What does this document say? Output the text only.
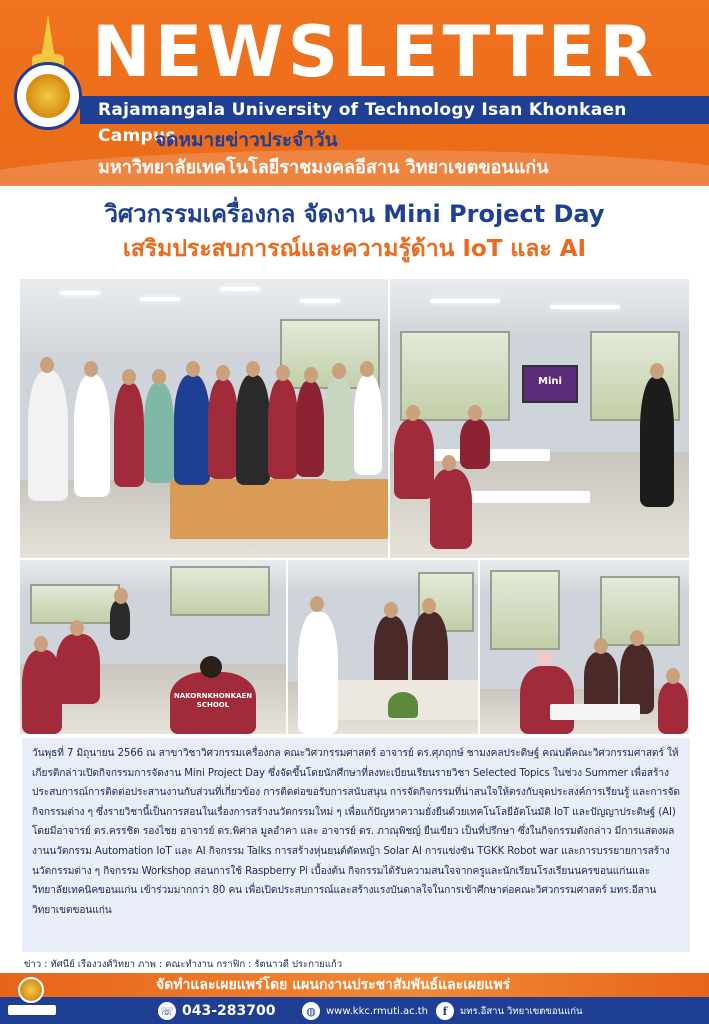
NEWSLETTER
Rajamangala University of Technology Isan Khonkaen Campus
จดหมายข่าวประจำวัน
มหาวิทยาลัยเทคโนโลยีราชมงคลอีสาน วิทยาเขตขอนแก่น
วิศวกรรมเครื่องกล จัดงาน Mini Project Day
เสริมประสบการณ์และความรู้ด้าน IoT และ AI
Mini
NAKORNKHONKAEN SCHOOL

วันพุธที่ 7 มิถุนายน 2566 ณ สาขาวิชาวิศวกรรมเครื่องกล คณะวิศวกรรมศาสตร์ อาจารย์ ดร.ศุภฤกษ์ ชามงคลประดิษฐ์ คณบดีคณะวิศวกรรมศาสตร์ ให้เกียรติกล่าวเปิดกิจกรรมการจัดงาน Mini Project Day ซึ่งจัดขึ้นโดยนักศึกษาที่ลงทะเบียนเรียนรายวิชา Selected Topics ในช่วง Summer เพื่อสร้างประสบการณ์การติดต่อประสานงานกับส่วนที่เกี่ยวข้อง การติดต่อขอรับการสนับสนุน การจัดกิจกรรมที่น่าสนใจให้ตรงกับจุดประสงค์การเรียนรู้ และการจัดกิจกรรมต่าง ๆ ซึ่งรายวิชานี้เป็นการสอนในเรื่องการสร้างนวัตกรรมใหม่ ๆ เพื่อแก้ปัญหาความยั่งยืนด้วยเทคโนโลยีอัตโนมัติ IoT และปัญญาประดิษฐ์ (AI) โดยมีอาจารย์ ดร.ครรชิต รองไชย อาจารย์ ดร.พิศาล มูลอำคา และ อาจารย์ ดร. ภาณุพิชญ์ ยืนเขียว เป็นที่ปรึกษา ซึ่งในกิจกรรมดังกล่าว มีการแสดงผลงานนวัตกรรม Automation IoT และ AI กิจกรรม Talks การสร้างหุ่นยนต์ตัดหญ้า Solar AI การแข่งขัน TGKK Robot war และการบรรยายการสร้างนวัตกรรมต่าง ๆ กิจกรรม Workshop สอนการใช้ Raspberry Pi เบื้องต้น กิจกรรมได้รับความสนใจจากครูและนักเรียนโรงเรียนนครขอนแก่นและวิทยาลัยเทคนิคขอนแก่น เข้าร่วมมากกว่า 80 คน เพื่อเปิดประสบการณ์และสร้างแรงบันดาลใจในการเข้าศึกษาต่อคณะวิศวกรรมศาสตร์ มทร.อีสาน วิทยาเขตขอนแก่น

ข่าว : ทัศนีย์ เรืองวงศ์วิทยา ภาพ : คณะทำงาน กราฟิก : รัตนาวดี ประกายแก้ว
จัดทำและเผยแพร่โดย แผนกงานประชาสัมพันธ์และเผยแพร่
☏ 043-283700	◍	www.kkc.rmuti.ac.th	f	มทร.อีสาน วิทยาเขตขอนแก่น
